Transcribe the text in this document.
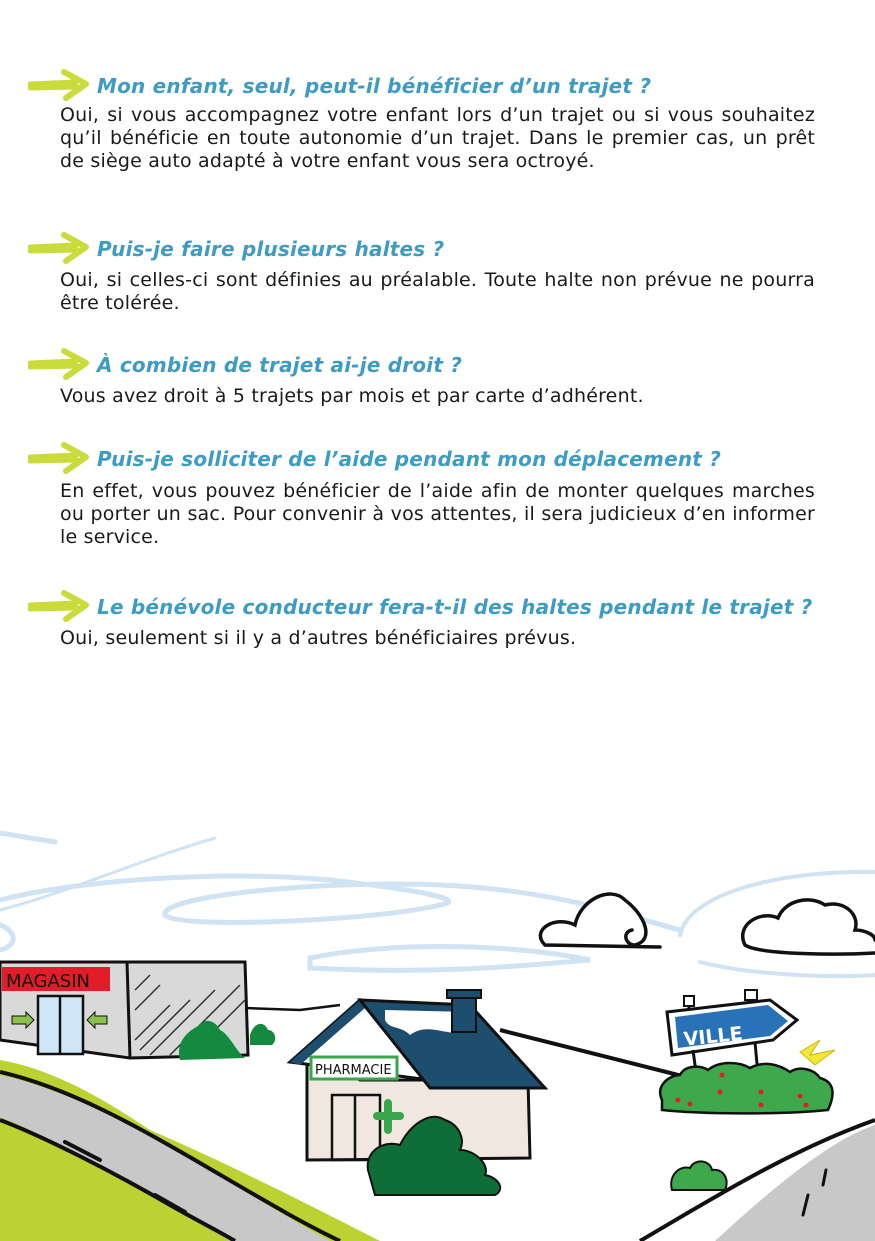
Mon enfant, seul, peut-il bénéficier d’un trajet ?

Oui, si vous accompagnez votre enfant lors d’un trajet ou si vous souhaitez qu’il bénéficie en toute autonomie d’un trajet. Dans le premier cas, un prêt de siège auto adapté à votre enfant vous sera octroyé.

Puis-je faire plusieurs haltes ?

Oui, si celles-ci sont définies au préalable. Toute halte non prévue ne pourra être tolérée.

À combien de trajet ai-je droit ?

Vous avez droit à 5 trajets par mois et par carte d’adhérent.

Puis-je solliciter de l’aide pendant mon déplacement ?

En effet, vous pouvez bénéficier de l’aide afin de monter quelques marches ou porter un sac. Pour convenir à vos attentes, il sera judicieux d’en informer le service.

Le bénévole conducteur fera-t-il des haltes pendant le trajet ?

Oui, seulement si il y a d’autres bénéficiaires prévus.

MAGASIN
PHARMACIE
VILLE
